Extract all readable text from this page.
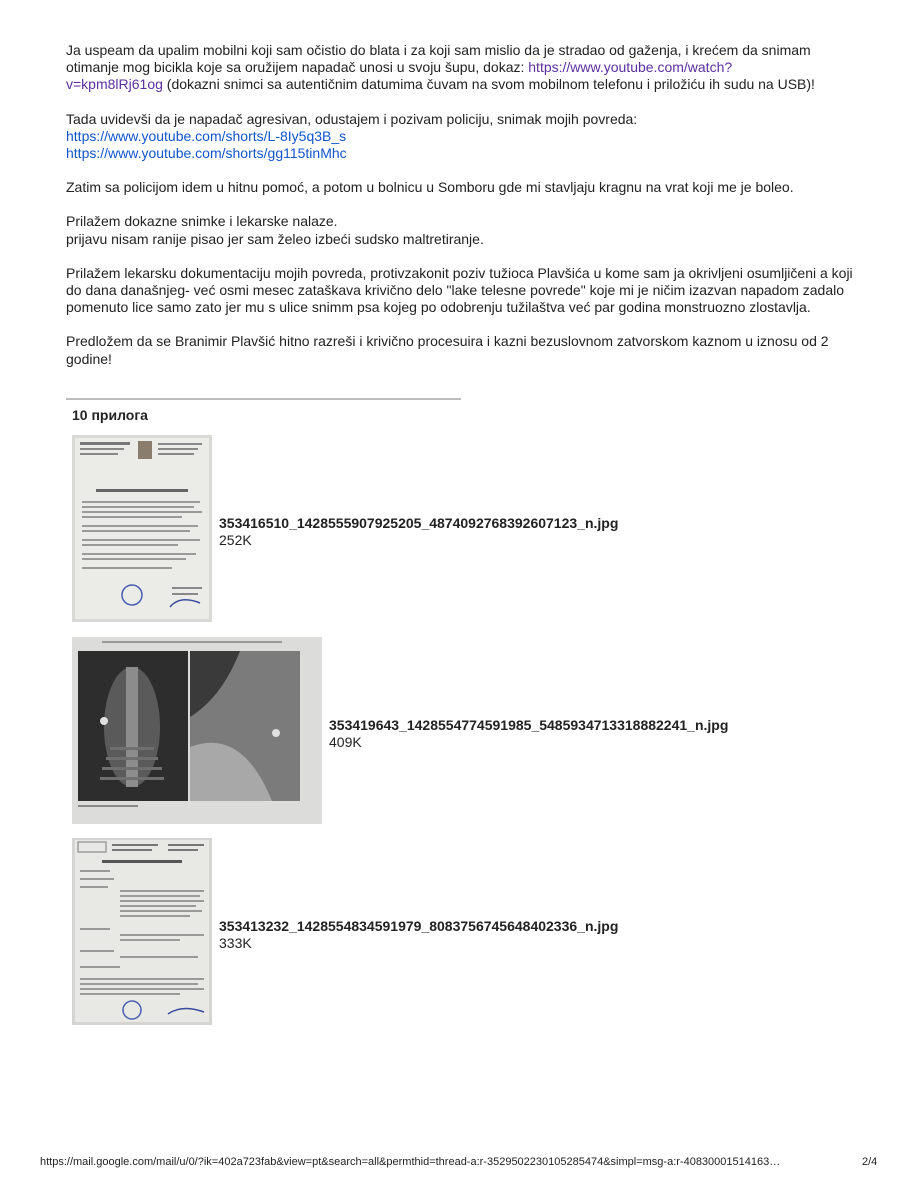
Ja uspeam da upalim mobilni koji sam očistio do blata i za koji sam mislio da je stradao od gaženja, i krećem da snimam otimanje mog bicikla koje sa oružijem napadač unosi u svoju šupu, dokaz: https://www.youtube.com/watch?
v=kpm8lRj61og (dokazni snimci sa autentičnim datumima čuvam na svom mobilnom telefonu i priložiću ih sudu na USB)!

Tada uvidevši da je napadač agresivan, odustajem i pozivam policiju, snimak mojih povreda:
https://www.youtube.com/shorts/L-8Iy5q3B_s
https://www.youtube.com/shorts/gg115tinMhc

Zatim sa policijom idem u hitnu pomoć, a potom u bolnicu u Somboru gde mi stavljaju kragnu na vrat koji me je boleo.

Prilažem dokazne snimke i lekarske nalaze.
prijavu nisam ranije pisao jer sam želeo izbeći sudsko maltretiranje.

Prilažem lekarsku dokumentaciju mojih povreda, protivzakonit poziv tužioca Plavšića u kome sam ja okrivljeni osumljičeni a koji do dana današnjeg- već osmi mesec zataškava krivično delo "lake telesne povrede" koje mi je ničim izazvan napadom zadalo pomenuto lice samo zato jer mu s ulice snimm psa kojeg po odobrenju tužilaštva već par godina monstruozno zlostavlja.

Predložem da se Branimir Plavšić hitno razreši i krivično procesuira i kazni bezuslovnom zatvorskom kaznom u iznosu od 2 godine!

10 прилога
353416510_1428555907925205_4874092768392607123_n.jpg
252K
353419643_1428554774591985_5485934713318882241_n.jpg
409K
353413232_1428554834591979_8083756745648402336_n.jpg
333K
https://mail.google.com/mail/u/0/?ik=402a723fab&view=pt&search=all&permthid=thread-a:r-3529502230105285474&simpl=msg-a:r-40830001514163…	2/4
